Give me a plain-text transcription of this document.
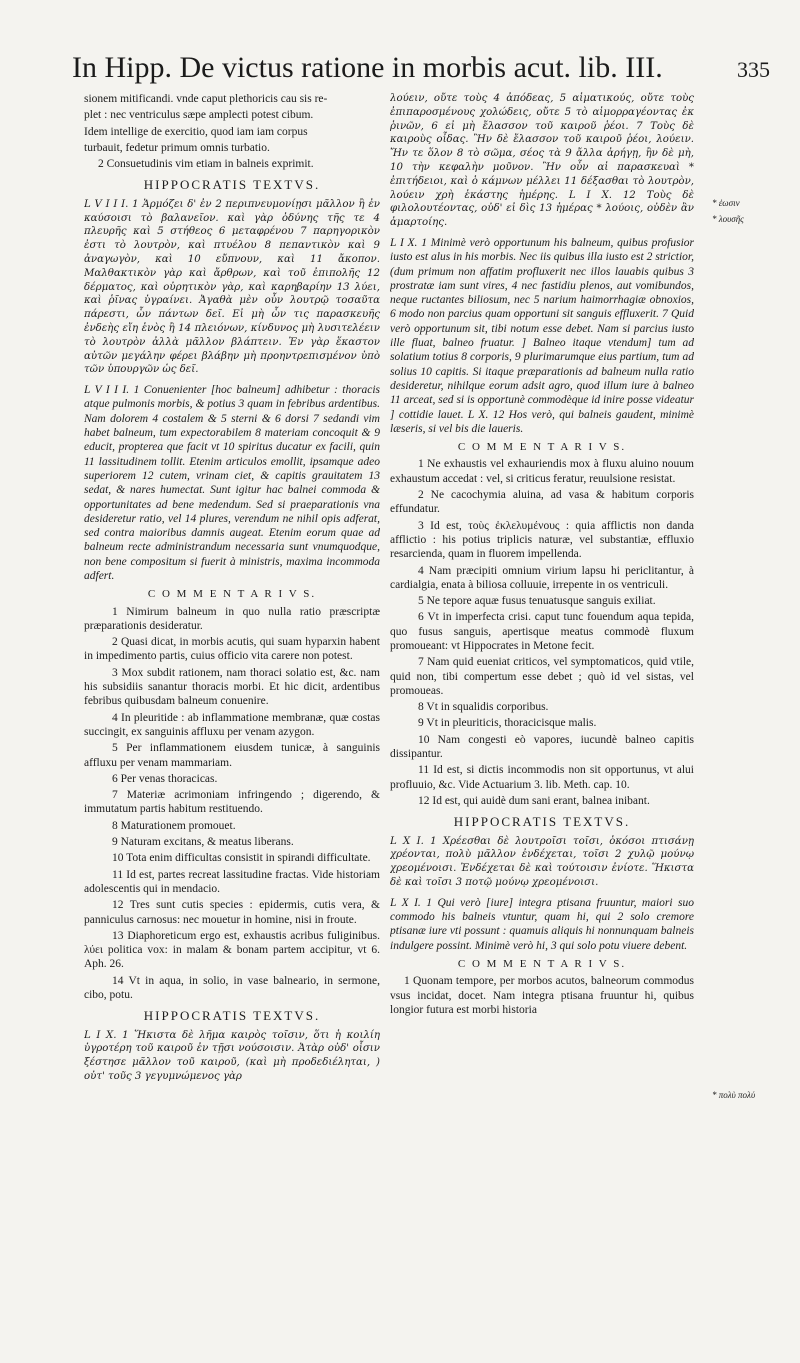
In Hipp. De victus ratione in morbis acut. lib. III.	335

sionem mitificandi. vnde caput plethoricis cau sis re-

plet : nec ventriculus sæpe amplecti potest cibum.

Idem intellige de exercitio, quod iam iam corpus

turbauit, fedetur primum omnis turbatio.

2 Consuetudinis vim etiam in balneis exprimit.

HIPPOCRATIS TEXTVS.

L V I I I. 1 Ἁρμόζει δ' ἐν 2 περιπνευμονίῃσι μᾶλλον ἢ ἐν καύσοισι τὸ βαλανεῖον. καὶ γὰρ ὀδύνης τῆς τε 4 πλευρῆς καὶ 5 στήθεος 6 μεταφρένου 7 παρηγορικὸν ἐστι τὸ λουτρὸν, καὶ πτυέλου 8 πεπαντικὸν καὶ 9 ἀναγωγὸν, καὶ 10 εὔπνουν, καὶ 11 ἄκοπον. Μαλθακτικὸν γὰρ καὶ ἄρθρων, καὶ τοῦ ἐπιπολῆς 12 δέρματος, καὶ οὐρητικὸν γὰρ, καὶ καρηβαρίην 13 λύει, καὶ ῥῖνας ὑγραίνει. Ἀγαθὰ μὲν οὖν λουτρῷ τοσαῦτα πάρεστι, ὧν πάντων δεῖ. Εἰ μὴ ὧν τις παρασκευῆς ἐνδεὴς εἴη ἑνὸς ἢ 14 πλειόνων, κίνδυνος μὴ λυσιτελέειν τὸ λουτρὸν ἀλλὰ μᾶλλον βλάπτειν. Ἐν γὰρ ἕκαστον αὐτῶν μεγάλην φέρει βλάβην μὴ προηντρεπισμένον ὑπὸ τῶν ὑπουργῶν ὡς δεῖ.

L V I I I. 1 Conuenienter [hoc balneum] adhibetur : thoracis atque pulmonis morbis, & potius 3 quam in febribus ardentibus. Nam dolorem 4 costalem & 5 sterni & 6 dorsi 7 sedandi vim habet balneum, tum expectorabilem 8 materiam concoquit & 9 educit, propterea que facit vt 10 spiritus ducatur ex facili, quin 11 lassitudinem tollit. Etenim articulos emollit, ipsamque adeo superiorem 12 cutem, vrinam ciet, & capitis grauitatem 13 sedat, & nares humectat. Sunt igitur hac balnei commoda & opportunitates ad bene medendum. Sed si praeparationis vna desideretur ratio, vel 14 plures, verendum ne nihil opis adferat, sed contra maioribus damnis augeat. Etenim eorum quae ad balneum recte administrandum necessaria sunt vnumquodque, non bene compositum si fuerit à ministris, maxima incommoda adfert.

C O M M E N T A R I V S.

1 Nimirum balneum in quo nulla ratio præscriptæ præparationis desideratur.

2 Quasi dicat, in morbis acutis, qui suam hyparxin habent in impedimento partis, cuius officio vita carere non potest.

3 Mox subdit rationem, nam thoraci solatio est, &c. nam his subsidiis sanantur thoracis morbi. Et hic dicit, ardentibus febribus quibusdam balneum conuenire.

4 In pleuritide : ab inflammatione membranæ, quæ costas succingit, ex sanguinis affluxu per venam azygon.

5 Per inflammationem eiusdem tunicæ, à sanguinis affluxu per venam mammariam.

6 Per venas thoracicas.

7 Materiæ acrimoniam infringendo ; digerendo, & immutatum partis habitum restituendo.

8 Maturationem promouet.

9 Naturam excitans, & meatus liberans.

10 Tota enim difficultas consistit in spirandi difficultate.

11 Id est, partes recreat lassitudine fractas. Vide historiam adolescentis qui in mendacio.

12 Tres sunt cutis species : epidermis, cutis vera, & panniculus carnosus: nec mouetur in homine, nisi in froute.

13 Diaphoreticum ergo est, exhaustis acribus fuliginibus. λύει politica vox: in malam & bonam partem accipitur, vt 6. Aph. 26.

14 Vt in aqua, in solio, in vase balneario, in sermone, cibo, potu.

HIPPOCRATIS TEXTVS.

L I X. 1 Ἥκιστα δὲ λῆμα καιρὸς τοῖσιν, ὅτι ἡ κοιλίη ὑγροτέρη τοῦ καιροῦ ἐν τῇσι νούσοισιν. Ἀτὰρ οὐδ' οἷσιν ξέστησε μᾶλλον τοῦ καιροῦ, (καὶ μὴ προδεδιέληται, ) οὐτ' τοῦς 3 γεγυμνώμενος γὰρ

λούειν, οὔτε τοὺς 4 ἀπόδεας, 5 αἱματικούς, οὔτε τοὺς ἐπιπαροσμένους χολώδεις, οὔτε 5 τὸ αἱμορραγέοντας ἐκ ῥινῶν, 6 εἰ μὴ ἔλασσον τοῦ καιροῦ ῥέοι. 7 Τοὺς δὲ καιροὺς οἶδας. Ἢν δὲ ἔλασσον τοῦ καιροῦ ῥέοι, λούειν. Ἤν τε ὅλον 8 τὸ σῶμα, σέος τὰ 9 ἄλλα ἀρήγῃ, ἢν δὲ μὴ, 10 τὴν κεφαλὴν μοῦνον. Ἢν οὖν αἱ παρασκευαὶ * ἐπιτήδειοι, καὶ ὁ κάμνων μέλλει 11 δέξασθαι τὸ λουτρὸν, λούειν χρὴ ἑκάστης ἡμέρης. L I X. 12 Τοὺς δὲ φιλολουτέοντας, οὐδ' εἰ δὶς 13 ἡμέρας * λούοις, οὐδὲν ἂν ἁμαρτοίης.

L I X. 1 Minimè verò opportunum his balneum, quibus profusior iusto est alus in his morbis. Nec iis quibus illa iusto est 2 strictior, (dum primum non affatim profluxerit nec illos lauabis quibus 3 prostratæ iam sunt vires, 4 nec fastidiu plenos, aut vomibundos, neque ructantes biliosum, nec 5 narium haimorrhagiæ obnoxios, 6 modo non parcius quam opportuni sit sanguis effluxerit. 7 Quid verò opportunum sit, tibi notum esse debet. Nam si parcius iusto ille fluat, balneo fruatur. ] Balneo itaque vtendum] tum ad solatium totius 8 corporis, 9 plurimarumque eius partium, tum ad solius 10 capitis. Si itaque præparationis ad balneum nulla ratio desideretur, nihilque eorum adsit agro, quod illum iure à balneo 11 arceat, sed si is opportunè commodèque id inire posse videatur ] cottidie lauet. L X. 12 Hos verò, qui balneis gaudent, minimè læseris, si vel bis die laueris.

C O M M E N T A R I V S.

1 Ne exhaustis vel exhauriendis mox à fluxu aluino nouum exhaustum accedat : vel, si criticus feratur, reuulsione resistat.

2 Ne cacochymia aluina, ad vasa & habitum corporis effundatur.

3 Id est, τοὺς ἐκλελυμένους : quia afflictis non danda afflictio : his potius triplicis naturæ, vel substantiæ, effluxio resarcienda, quam in fluorem impellenda.

4 Nam præcipiti omnium virium lapsu hi periclitantur, à cardialgia, enata à biliosa colluuie, irrepente in os ventriculi.

5 Ne tepore aquæ fusus tenuatusque sanguis exiliat.

6 Vt in imperfecta crisi. caput tunc fouendum aqua tepida, quo fusus sanguis, apertisque meatus commodè fluxum promoueant: vt Hippocrates in Metone fecit.

7 Nam quid eueniat criticos, vel symptomaticos, quid vtile, quid non, tibi compertum esse debet ; quò id vel sistas, vel promoueas.

8 Vt in squalidis corporibus.

9 Vt in pleuriticis, thoracicisque malis.

10 Nam congesti eò vapores, iucundè balneo capitis dissipantur.

11 Id est, si dictis incommodis non sit opportunus, vt alui profluuio, &c. Vide Actuarium 3. lib. Meth. cap. 10.

12 Id est, qui auidè dum sani erant, balnea inibant.

HIPPOCRATIS TEXTVS.

L X I. 1 Χρέεσθαι δὲ λουτροῖσι τοῖσι, ὁκόσοι πτισάνῃ χρέονται, πολὺ μᾶλλον ἐνδέχεται, τοῖσι 2 χυλῷ μούνῳ χρεομένοισι. Ἐνδέχεται δὲ καὶ τούτοισιν ἐνίοτε. Ἥκιστα δὲ καὶ τοῖσι 3 ποτῷ μούνῳ χρεομένοισι.

L X I. 1 Qui verò [iure] integra ptisana fruuntur, maiori suo commodo his balneis vtuntur, quam hi, qui 2 solo cremore ptisanæ iure vti possunt : quamuis aliquis hi nonnunquam balneis indulgere possint. Minimè verò hi, 3 qui solo potu viuere debent.

C O M M E N T A R I V S.

1 Quonam tempore, per morbos acutos, balneorum commodus vsus incidat, docet. Nam integra ptisana fruuntur hi, quibus longior futura est morbi historia

* ἐωσιν
* λουσῆς
* πολὺ πολύ
